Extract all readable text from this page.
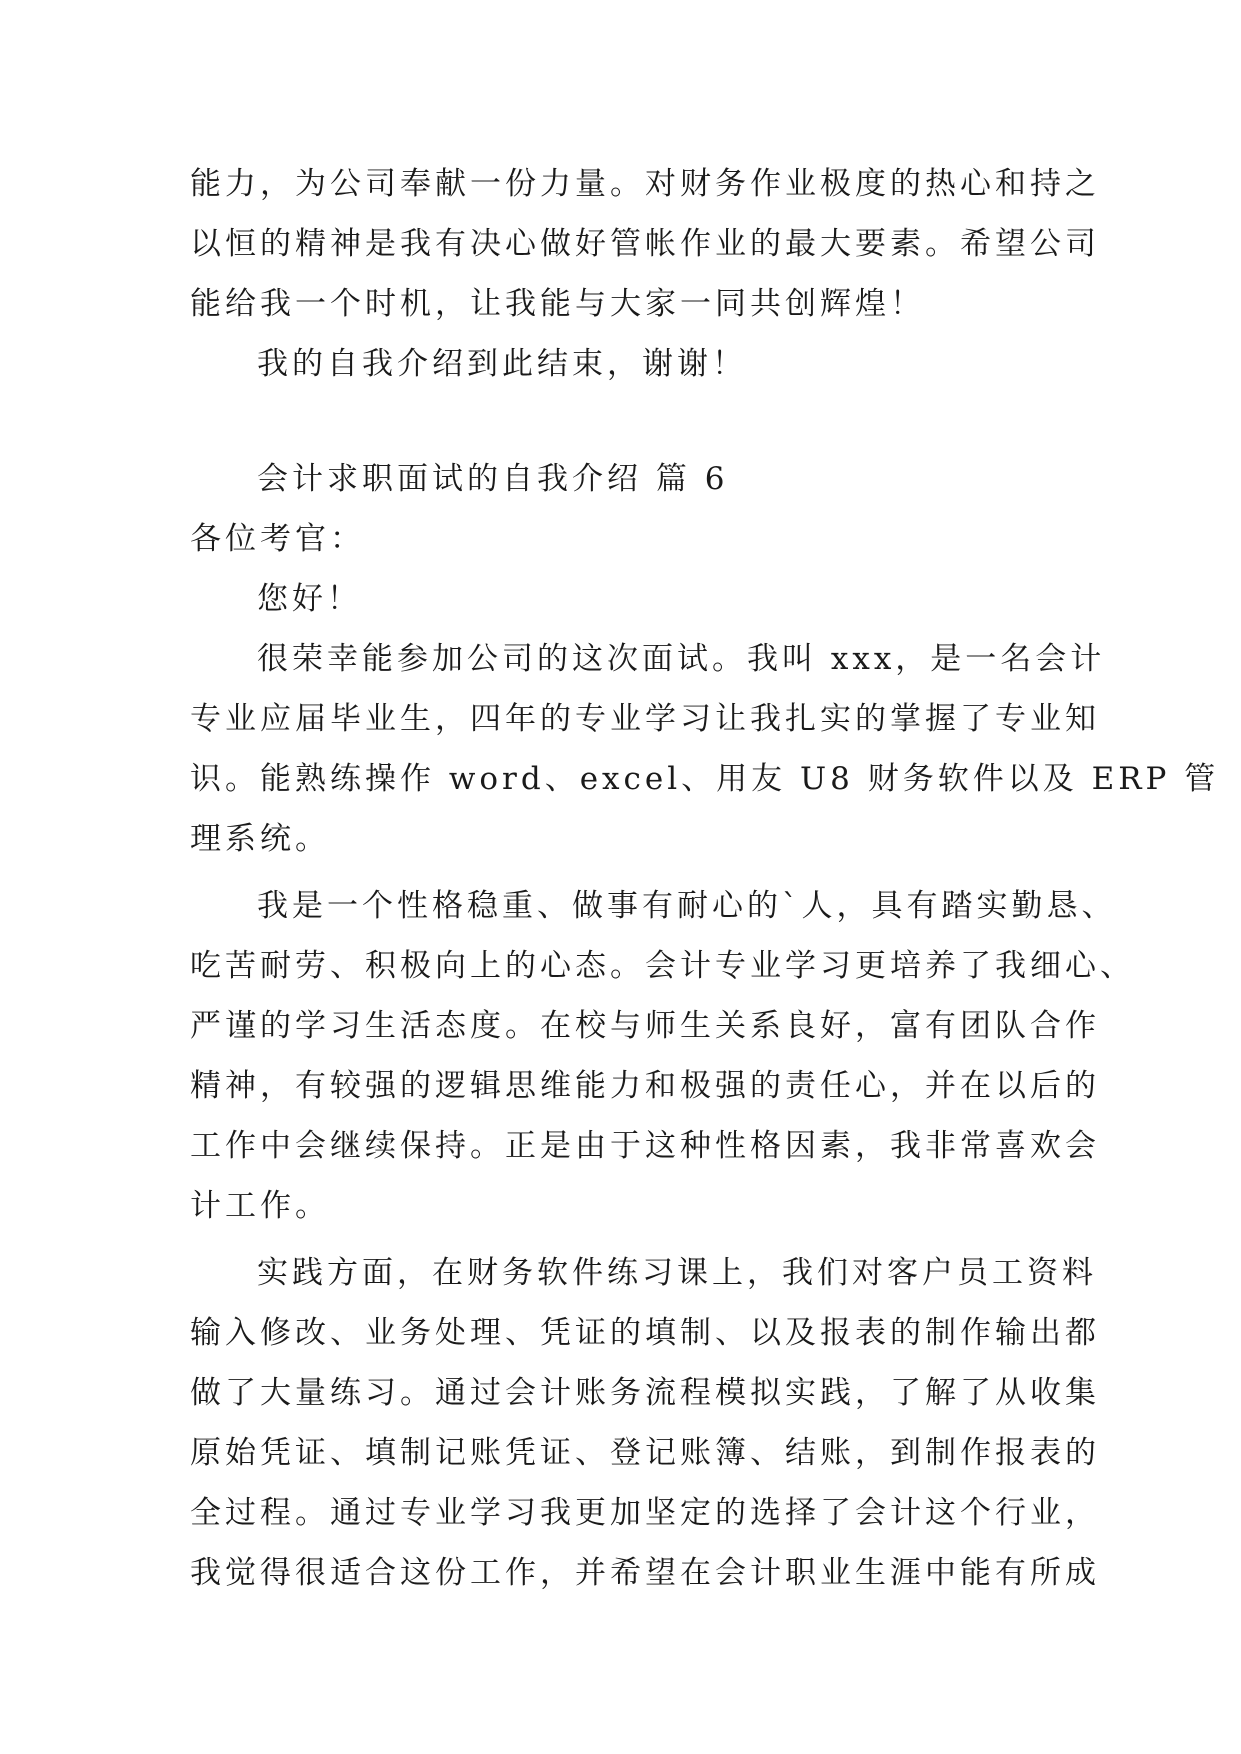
能力，为公司奉献一份力量。对财务作业极度的热心和持之
以恒的精神是我有决心做好管帐作业的最大要素。希望公司
能给我一个时机，让我能与大家一同共创辉煌！
我的自我介绍到此结束，谢谢！
会计求职面试的自我介绍 篇 6
各位考官：
您好！
很荣幸能参加公司的这次面试。我叫 xxx，是一名会计
专业应届毕业生，四年的专业学习让我扎实的掌握了专业知
识。能熟练操作 word、excel、用友 U8 财务软件以及 ERP 管
理系统。
我是一个性格稳重、做事有耐心的`人，具有踏实勤恳、
吃苦耐劳、积极向上的心态。会计专业学习更培养了我细心、
严谨的学习生活态度。在校与师生关系良好，富有团队合作
精神，有较强的逻辑思维能力和极强的责任心，并在以后的
工作中会继续保持。正是由于这种性格因素，我非常喜欢会
计工作。
实践方面，在财务软件练习课上，我们对客户员工资料
输入修改、业务处理、凭证的填制、以及报表的制作输出都
做了大量练习。通过会计账务流程模拟实践，了解了从收集
原始凭证、填制记账凭证、登记账簿、结账，到制作报表的
全过程。通过专业学习我更加坚定的选择了会计这个行业，
我觉得很适合这份工作，并希望在会计职业生涯中能有所成
